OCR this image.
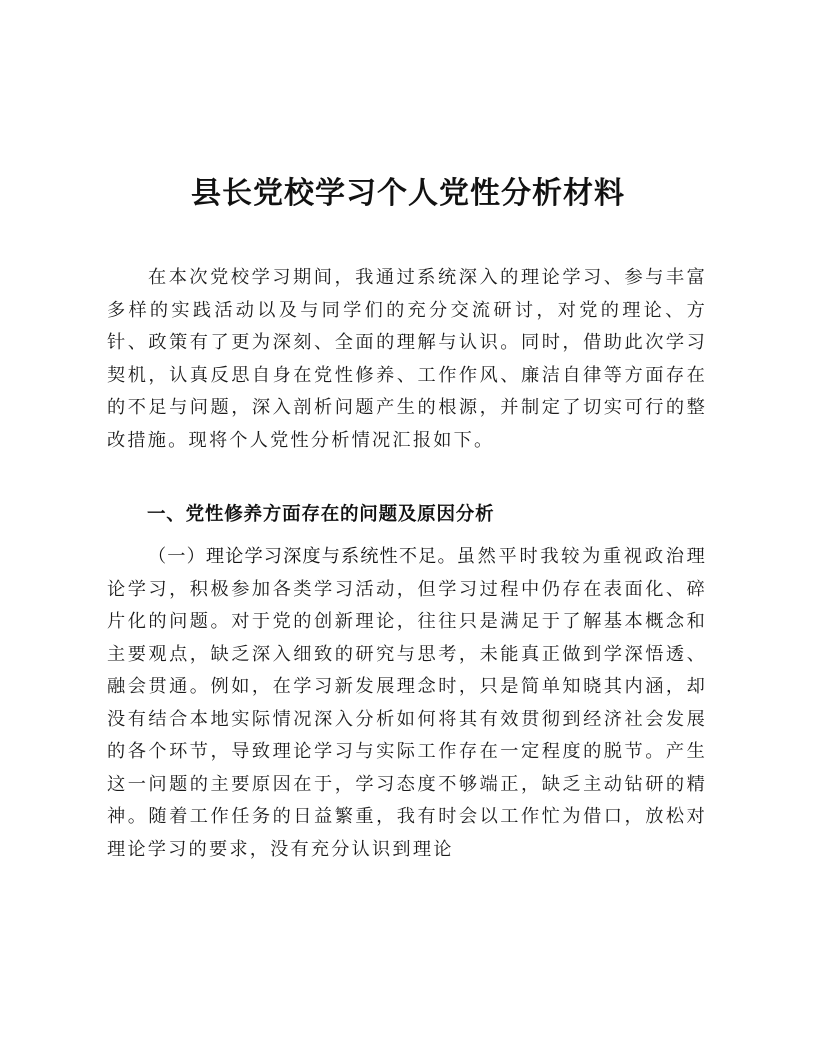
县长党校学习个人党性分析材料

在本次党校学习期间，我通过系统深入的理论学习、参与丰富多样的实践活动以及与同学们的充分交流研讨，对党的理论、方针、政策有了更为深刻、全面的理解与认识。同时，借助此次学习契机，认真反思自身在党性修养、工作作风、廉洁自律等方面存在的不足与问题，深入剖析问题产生的根源，并制定了切实可行的整改措施。现将个人党性分析情况汇报如下。

一、党性修养方面存在的问题及原因分析

（一）理论学习深度与系统性不足。虽然平时我较为重视政治理论学习，积极参加各类学习活动，但学习过程中仍存在表面化、碎片化的问题。对于党的创新理论，往往只是满足于了解基本概念和主要观点，缺乏深入细致的研究与思考，未能真正做到学深悟透、融会贯通。例如，在学习新发展理念时，只是简单知晓其内涵，却没有结合本地实际情况深入分析如何将其有效贯彻到经济社会发展的各个环节，导致理论学习与实际工作存在一定程度的脱节。产生这一问题的主要原因在于，学习态度不够端正，缺乏主动钻研的精神。随着工作任务的日益繁重，我有时会以工作忙为借口，放松对理论学习的要求，没有充分认识到理论
